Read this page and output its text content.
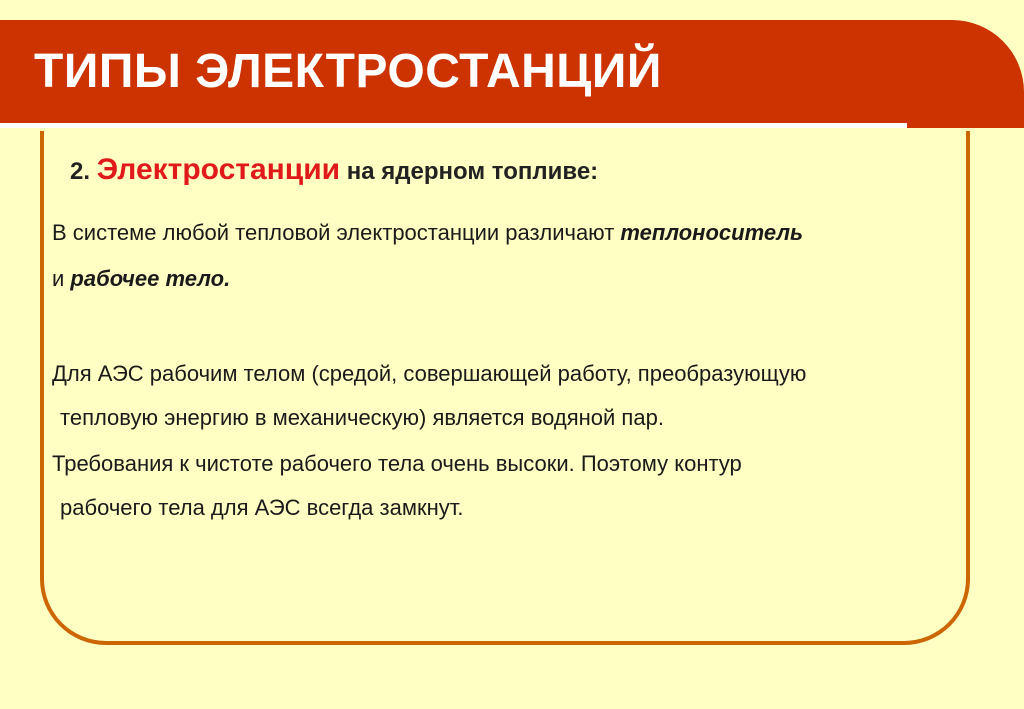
ТИПЫ ЭЛЕКТРОСТАНЦИЙ
2. Электростанции на ядерном топливе:
В системе любой тепловой электростанции различают теплоноситель
и рабочее тело.
Для АЭС рабочим телом (средой, совершающей работу, преобразующую
тепловую энергию в механическую) является водяной пар.
Требования к чистоте рабочего тела очень высоки. Поэтому контур
рабочего тела для АЭС всегда замкнут.
